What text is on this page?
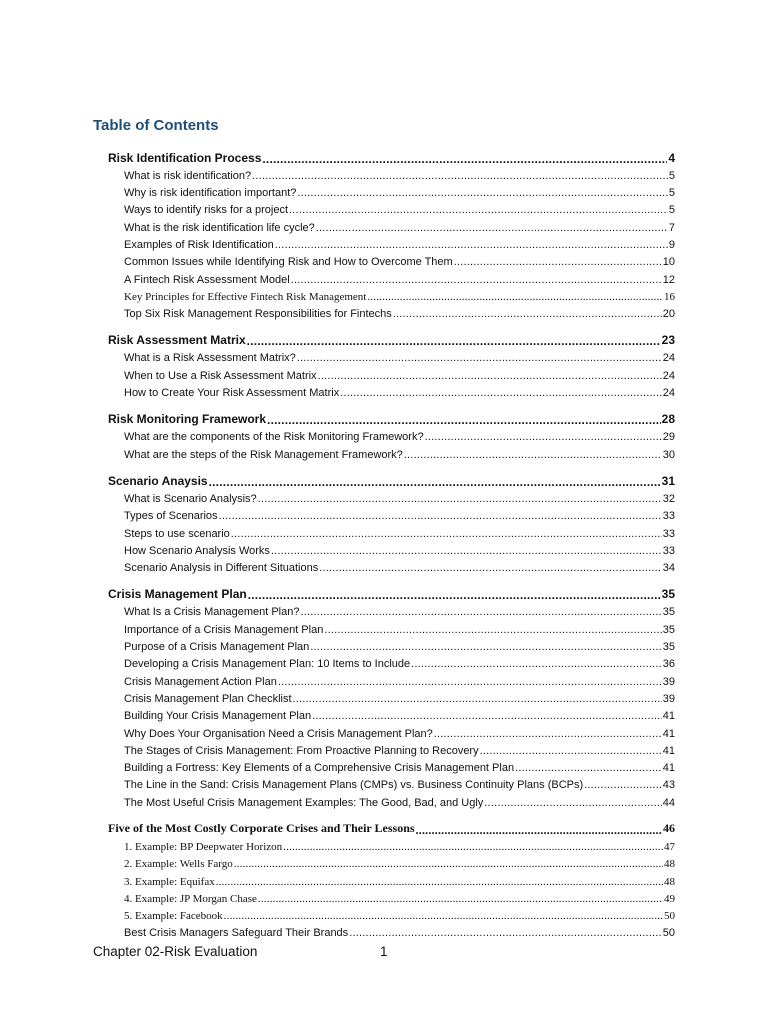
Table of Contents
Risk Identification Process .....	4
What is risk identification? .....	5
Why is risk identification important? .....	5
Ways to identify risks for a project .....	5
What is the risk identification life cycle? .....	7
Examples of Risk Identification .....	9
Common Issues while Identifying Risk and How to Overcome Them .....	10
A Fintech Risk Assessment Model .....	12
Key Principles for Effective Fintech Risk Management .....	16
Top Six Risk Management Responsibilities for Fintechs .....	20
Risk Assessment Matrix .....	23
What is a Risk Assessment Matrix? .....	24
When to Use a Risk Assessment Matrix .....	24
How to Create Your Risk Assessment Matrix .....	24
Risk Monitoring Framework .....	28
What are the components of the Risk Monitoring Framework? .....	29
What are the steps of the Risk Management Framework? .....	30
Scenario Anaysis .....	31
What is Scenario Analysis? .....	32
Types of Scenarios .....	33
Steps to use scenario .....	33
How Scenario Analysis Works .....	33
Scenario Analysis in Different Situations .....	34
Crisis Management Plan .....	35
What Is a Crisis Management Plan? .....	35
Importance of a Crisis Management Plan .....	35
Purpose of a Crisis Management Plan .....	35
Developing a Crisis Management Plan: 10 Items to Include .....	36
Crisis Management Action Plan .....	39
Crisis Management Plan Checklist .....	39
Building Your Crisis Management Plan .....	41
Why Does Your Organisation Need a Crisis Management Plan? .....	41
The Stages of Crisis Management: From Proactive Planning to Recovery .....	41
Building a Fortress: Key Elements of a Comprehensive Crisis Management Plan .....	41
The Line in the Sand: Crisis Management Plans (CMPs) vs. Business Continuity Plans (BCPs) .....	43
The Most Useful Crisis Management Examples: The Good, Bad, and Ugly .....	44
Five of the Most Costly Corporate Crises and Their Lessons .....	46
1. Example: BP Deepwater Horizon .....	47
2. Example: Wells Fargo .....	48
3. Example: Equifax .....	48
4. Example: JP Morgan Chase .....	49
5. Example: Facebook .....	50
Best Crisis Managers Safeguard Their Brands .....	50
Chapter 02-Risk Evaluation	1
